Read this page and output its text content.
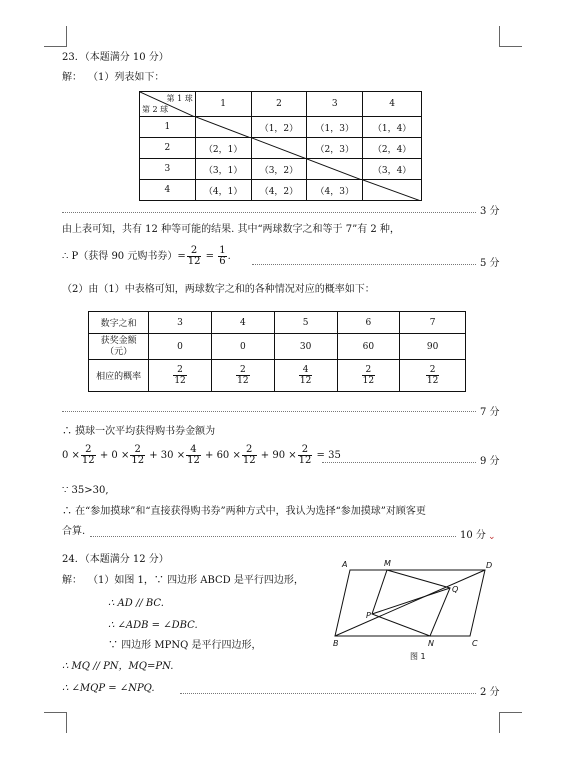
23．（本题满分 10 分）
解： （1）列表如下：
第 1 球
第 2 球	1	2	3	4
1		（1，2）	（1，3）	（1，4）
2	（2，1）		（2，3）	（2，4）
3	（3，1）	（3，2）		（3，4）
4	（4，1）	（4，2）	（4，3）	
3 分
由上表可知，共有 12 种等可能的结果. 其中“两球数字之和等于 7”有 2 种，
∴ P（获得 90 元购书券）= $\frac{2}{12} = \frac{1}{6}$ .
5 分
（2）由（1）中表格可知，两球数字之和的各种情况对应的概率如下：
数字之和	3	4	5	6	7
获奖金额
（元）	0	0	30	60	90
相应的概率	$\frac{2}{12}$	$\frac{2}{12}$	$\frac{4}{12}$	$\frac{2}{12}$	$\frac{2}{12}$
7 分
∴ 摸球一次平均获得购书券金额为
$0 \times \frac{2}{12} + 0 \times \frac{2}{12} + 30 \times \frac{4}{12} + 60 \times \frac{2}{12} + 90 \times \frac{2}{12} = 35$
9 分
∵ 35>30,
∴ 在“参加摸球”和“直接获得购书券”两种方式中，我认为选择“参加摸球”对顾客更
合算.	10 分 ⌄
24．（本题满分 12 分）
解： （1）如图 1，∵ 四边形 ABCD 是平行四边形，
∴ AD // BC.
∴ ∠ADB = ∠DBC.
∵ 四边形 MPNQ 是平行四边形，
∴ MQ // PN，MQ=PN.
∴ ∠MQP = ∠NPQ.	2 分
A	M	D
Q
P
B	N	C
图 1
